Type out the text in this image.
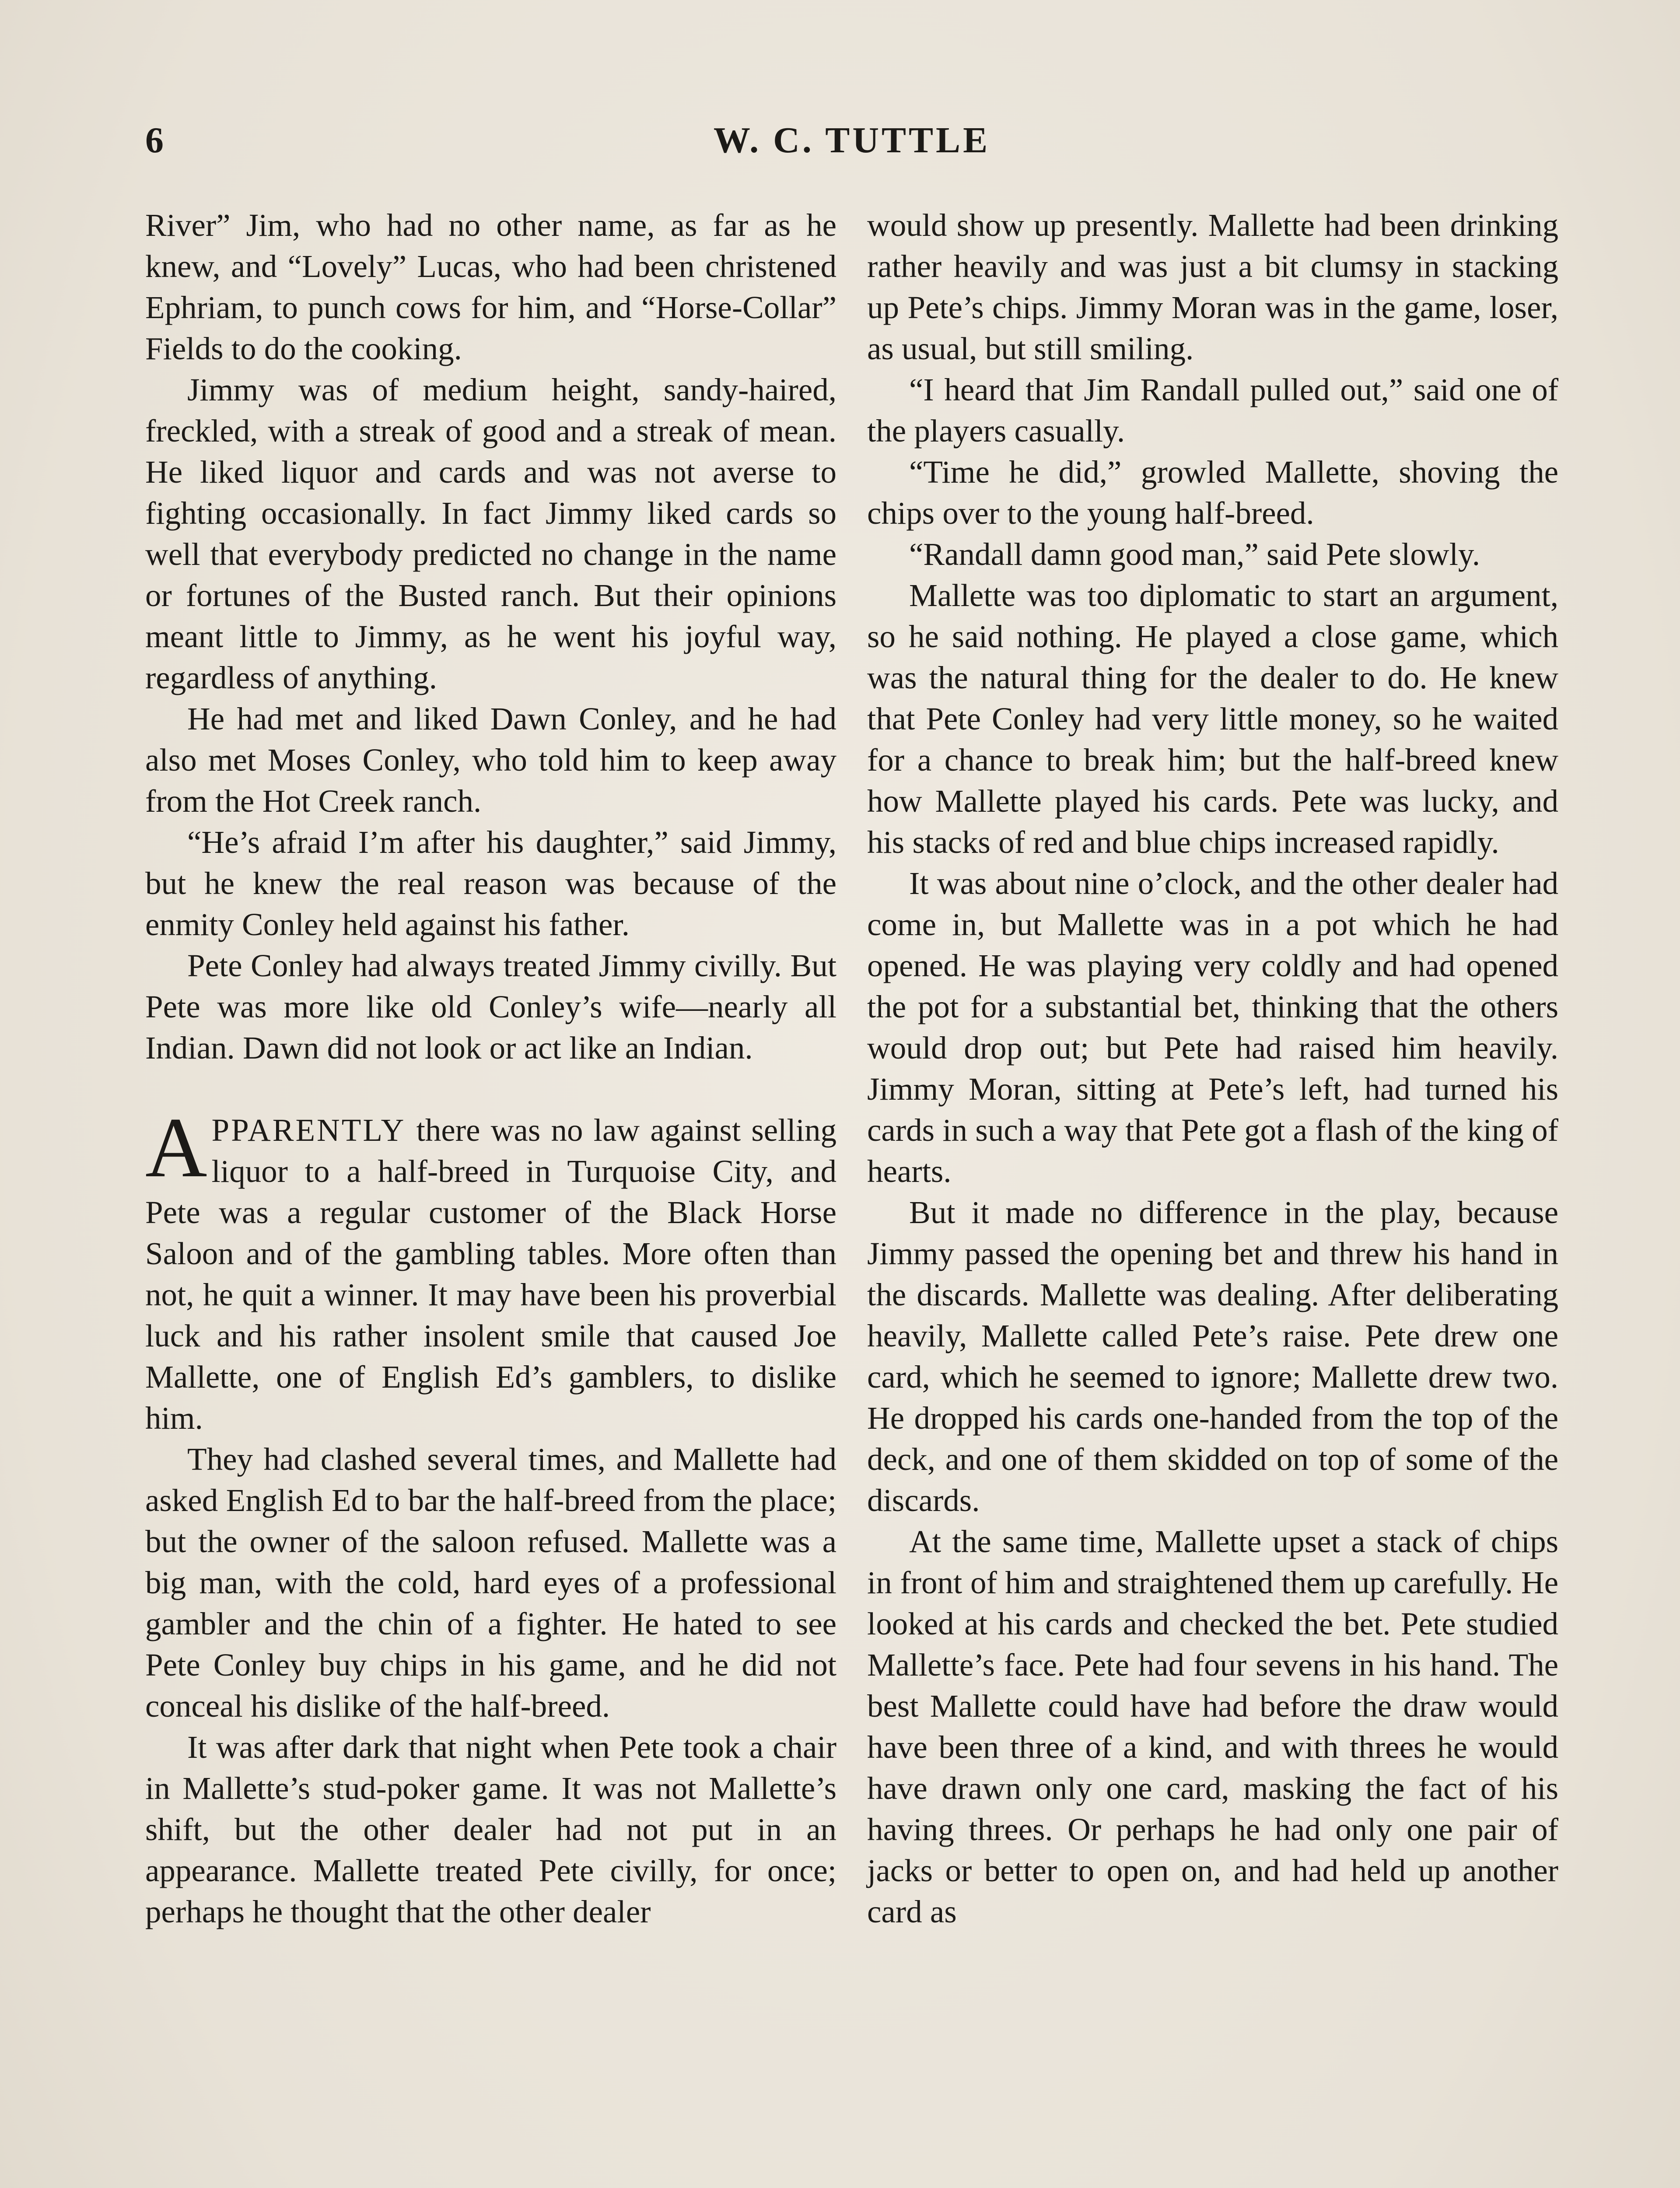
6	W. C. TUTTLE

River” Jim, who had no other name, as far as he knew, and “Lovely” Lucas, who had been christened Ephriam, to punch cows for him, and “Horse-Collar” Fields to do the cooking.

Jimmy was of medium height, sandy-haired, freckled, with a streak of good and a streak of mean. He liked liquor and cards and was not averse to fighting occasionally. In fact Jimmy liked cards so well that everybody predicted no change in the name or fortunes of the Busted ranch. But their opinions meant little to Jimmy, as he went his joyful way, regardless of anything.

He had met and liked Dawn Conley, and he had also met Moses Conley, who told him to keep away from the Hot Creek ranch.

“He’s afraid I’m after his daughter,” said Jimmy, but he knew the real reason was because of the enmity Conley held against his father.

Pete Conley had always treated Jimmy civilly. But Pete was more like old Conley’s wife—nearly all Indian. Dawn did not look or act like an Indian.

APPARENTLY there was no law against selling liquor to a half-breed in Turquoise City, and Pete was a regular customer of the Black Horse Saloon and of the gambling tables. More often than not, he quit a winner. It may have been his proverbial luck and his rather insolent smile that caused Joe Mallette, one of English Ed’s gamblers, to dislike him.

They had clashed several times, and Mallette had asked English Ed to bar the half-breed from the place; but the owner of the saloon refused. Mallette was a big man, with the cold, hard eyes of a professional gambler and the chin of a fighter. He hated to see Pete Conley buy chips in his game, and he did not conceal his dislike of the half-breed.

It was after dark that night when Pete took a chair in Mallette’s stud-poker game. It was not Mallette’s shift, but the other dealer had not put in an appearance. Mallette treated Pete civilly, for once; perhaps he thought that the other dealer

would show up presently. Mallette had been drinking rather heavily and was just a bit clumsy in stacking up Pete’s chips. Jimmy Moran was in the game, loser, as usual, but still smiling.

“I heard that Jim Randall pulled out,” said one of the players casually.

“Time he did,” growled Mallette, shoving the chips over to the young half-breed.

“Randall damn good man,” said Pete slowly.

Mallette was too diplomatic to start an argument, so he said nothing. He played a close game, which was the natural thing for the dealer to do. He knew that Pete Conley had very little money, so he waited for a chance to break him; but the half-breed knew how Mallette played his cards. Pete was lucky, and his stacks of red and blue chips increased rapidly.

It was about nine o’clock, and the other dealer had come in, but Mallette was in a pot which he had opened. He was playing very coldly and had opened the pot for a substantial bet, thinking that the others would drop out; but Pete had raised him heavily. Jimmy Moran, sitting at Pete’s left, had turned his cards in such a way that Pete got a flash of the king of hearts.

But it made no difference in the play, because Jimmy passed the opening bet and threw his hand in the discards. Mallette was dealing. After deliberating heavily, Mallette called Pete’s raise. Pete drew one card, which he seemed to ignore; Mallette drew two. He dropped his cards one-handed from the top of the deck, and one of them skidded on top of some of the discards.

At the same time, Mallette upset a stack of chips in front of him and straightened them up carefully. He looked at his cards and checked the bet. Pete studied Mallette’s face. Pete had four sevens in his hand. The best Mallette could have had before the draw would have been three of a kind, and with threes he would have drawn only one card, masking the fact of his having threes. Or perhaps he had only one pair of jacks or better to open on, and had held up another card as
